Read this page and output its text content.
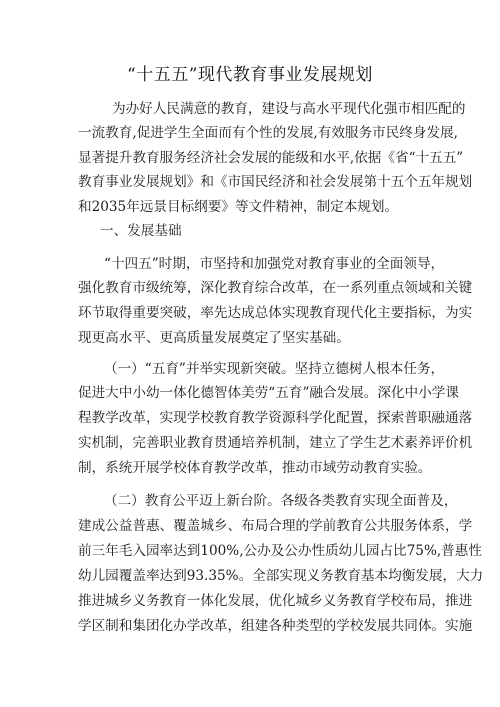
“十五五”现代教育事业发展规划
为办好人民满意的教育，建设与高水平现代化强市相匹配的
一流教育,促进学生全面而有个性的发展,有效服务市民终身发展,
显著提升教育服务经济社会发展的能级和水平,依据《省“十五五”
教育事业发展规划》和《市国民经济和社会发展第十五个五年规划
和2035年远景目标纲要》等文件精神，制定本规划。
一、发展基础
“十四五”时期，市坚持和加强党对教育事业的全面领导，
强化教育市级统筹，深化教育综合改革，在一系列重点领域和关键
环节取得重要突破，率先达成总体实现教育现代化主要指标，为实
现更高水平、更高质量发展奠定了坚实基础。
（一）“五育”并举实现新突破。坚持立德树人根本任务，
促进大中小幼一体化德智体美劳“五育”融合发展。深化中小学课
程教学改革，实现学校教育教学资源科学化配置，探索普职融通落
实机制，完善职业教育贯通培养机制，建立了学生艺术素养评价机
制，系统开展学校体育教学改革，推动市域劳动教育实验。
（二）教育公平迈上新台阶。各级各类教育实现全面普及，
建成公益普惠、覆盖城乡、布局合理的学前教育公共服务体系，学
前三年毛入园率达到100%,公办及公办性质幼儿园占比75%,普惠性
幼儿园覆盖率达到93.35%。全部实现义务教育基本均衡发展，大力
推进城乡义务教育一体化发展，优化城乡义务教育学校布局，推进
学区制和集团化办学改革，组建各种类型的学校发展共同体。实施
